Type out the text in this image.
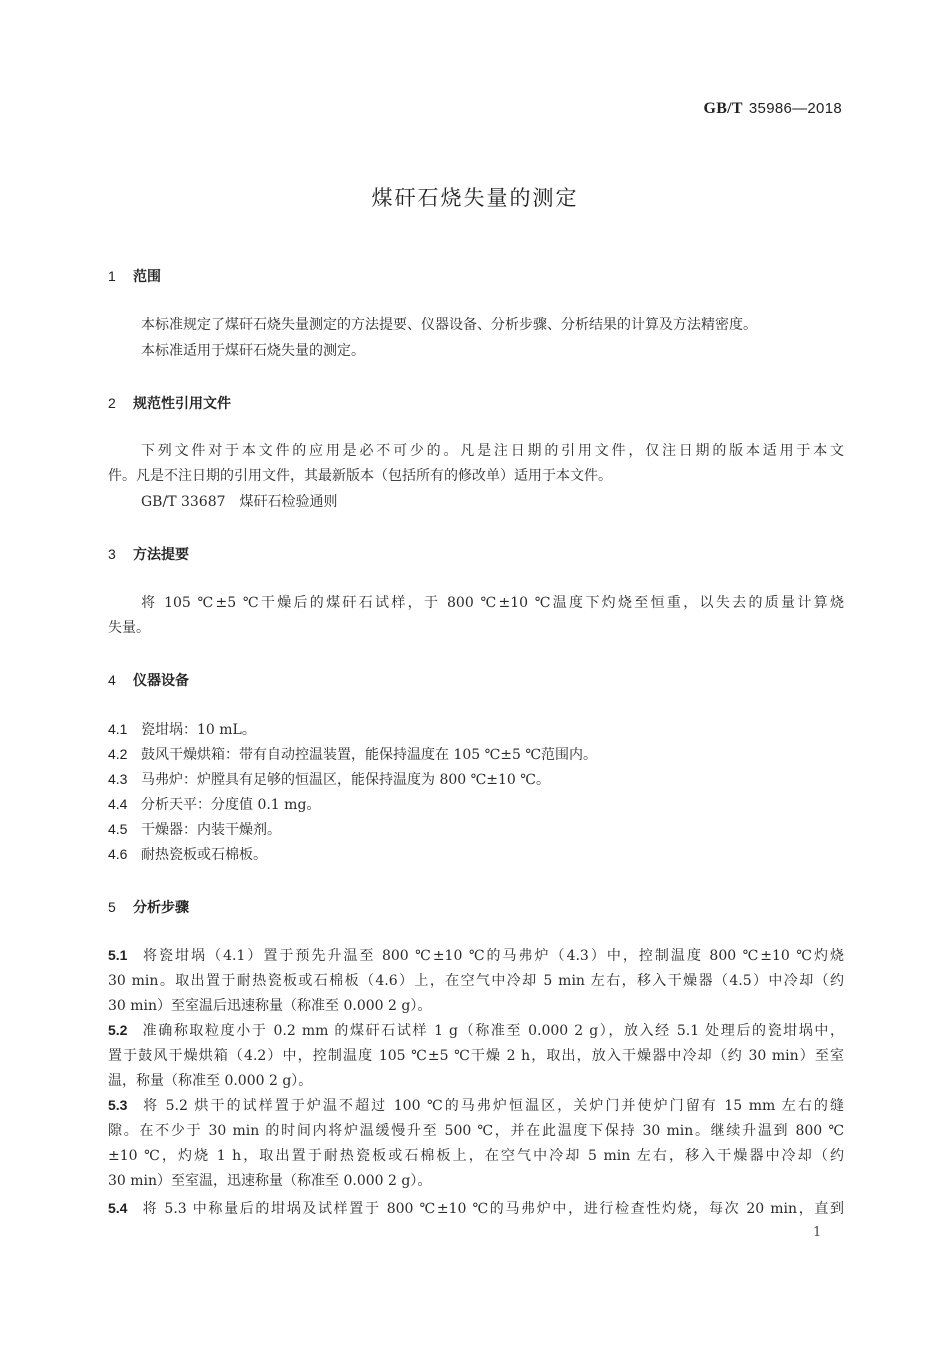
GB/T 35986—2018
煤矸石烧失量的测定
1 范围
本标准规定了煤矸石烧失量测定的方法提要、仪器设备、分析步骤、分析结果的计算及方法精密度。
本标准适用于煤矸石烧失量的测定。
2 规范性引用文件
下列文件对于本文件的应用是必不可少的。凡是注日期的引用文件，仅注日期的版本适用于本文
件。凡是不注日期的引用文件，其最新版本（包括所有的修改单）适用于本文件。
GB/T 33687　煤矸石检验通则
3 方法提要
将 105 ℃±5 ℃干燥后的煤矸石试样，于 800 ℃±10 ℃温度下灼烧至恒重，以失去的质量计算烧
失量。
4 仪器设备
4.1 瓷坩埚：10 mL。
4.2 鼓风干燥烘箱：带有自动控温装置，能保持温度在 105 ℃±5 ℃范围内。
4.3 马弗炉：炉膛具有足够的恒温区，能保持温度为 800 ℃±10 ℃。
4.4 分析天平：分度值 0.1 mg。
4.5 干燥器：内装干燥剂。
4.6 耐热瓷板或石棉板。
5 分析步骤
5.1 将瓷坩埚（4.1）置于预先升温至 800 ℃±10 ℃的马弗炉（4.3）中，控制温度 800 ℃±10 ℃灼烧
30 min。取出置于耐热瓷板或石棉板（4.6）上，在空气中冷却 5 min 左右，移入干燥器（4.5）中冷却（约
30 min）至室温后迅速称量（称准至 0.000 2 g）。
5.2 准确称取粒度小于 0.2 mm 的煤矸石试样 1 g（称准至 0.000 2 g），放入经 5.1 处理后的瓷坩埚中，
置于鼓风干燥烘箱（4.2）中，控制温度 105 ℃±5 ℃干燥 2 h，取出，放入干燥器中冷却（约 30 min）至室
温，称量（称准至 0.000 2 g）。
5.3 将 5.2 烘干的试样置于炉温不超过 100 ℃的马弗炉恒温区，关炉门并使炉门留有 15 mm 左右的缝
隙。在不少于 30 min 的时间内将炉温缓慢升至 500 ℃，并在此温度下保持 30 min。继续升温到 800 ℃
±10 ℃，灼烧 1 h，取出置于耐热瓷板或石棉板上，在空气中冷却 5 min 左右，移入干燥器中冷却（约
30 min）至室温，迅速称量（称准至 0.000 2 g）。
5.4 将 5.3 中称量后的坩埚及试样置于 800 ℃±10 ℃的马弗炉中，进行检查性灼烧，每次 20 min，直到
1
